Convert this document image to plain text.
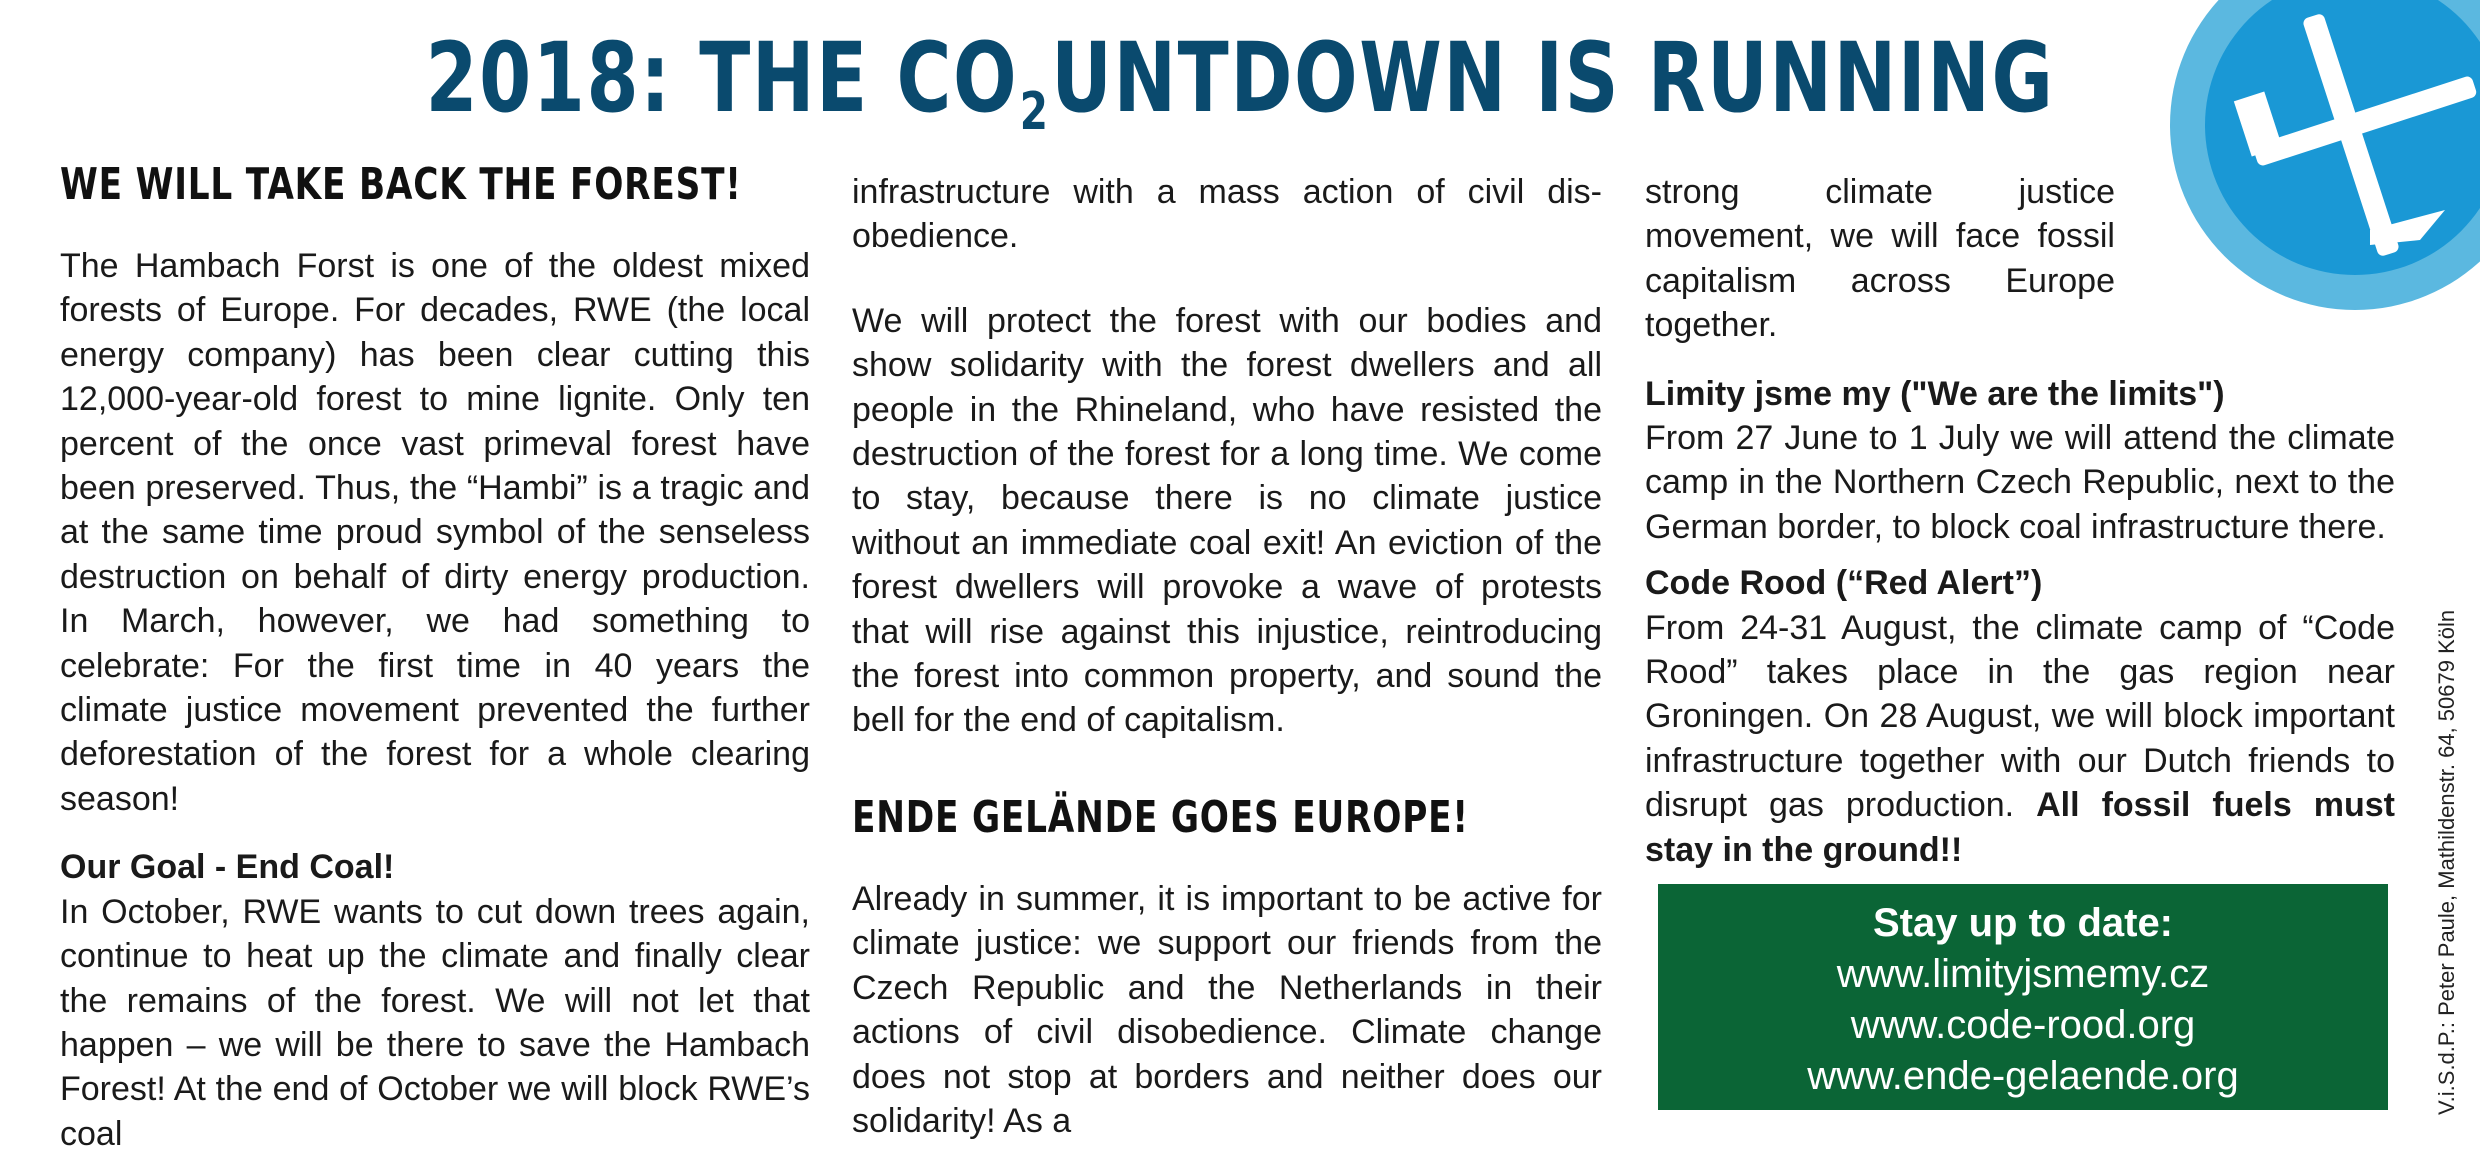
2018: THE CO2UNTDOWN IS RUNNING
WE WILL TAKE BACK THE FOREST!

The Hambach Forst is one of the oldest mixed forests of Europe. For decades, RWE (the local energy company) has been clear cutting this 12,000-year-old forest to mine lignite. Only ten percent of the once vast primeval forest have been preserved. Thus, the “Hambi” is a tragic and at the same time proud symbol of the senseless destruction on behalf of dirty energy production. In March, however, we had something to celebrate: For the first time in 40 years the climate justice movement prevented the further deforestation of the forest for a whole clearing season!

Our Goal - End Coal!

In October, RWE wants to cut down trees again, continue to heat up the climate and finally clear the remains of the forest. We will not let that happen – we will be there to save the Hambach Forest! At the end of October we will block RWE’s coal

infrastructure with a mass action of civil dis-obedience.

We will protect the forest with our bodies and show solidarity with the forest dwellers and all people in the Rhineland, who have resisted the destruction of the forest for a long time. We come to stay, because there is no climate justice without an immediate coal exit! An eviction of the forest dwellers will provoke a wave of protests that will rise against this injustice, reintroducing the forest into common property, and sound the bell for the end of capitalism.

ENDE GELÄNDE GOES EUROPE!

Already in summer, it is important to be active for climate justice: we support our friends from the Czech Republic and the Netherlands in their actions of civil disobedience. Climate change does not stop at borders and neither does our solidarity! As a

strong climate justice movement, we will face fossil capitalism across Europe together.

Limity jsme my ("We are the limits")

From 27 June to 1 July we will attend the climate camp in the Northern Czech Republic, next to the German border, to block coal infrastructure there.

Code Rood (“Red Alert”)

From 24-31 August, the climate camp of “Code Rood” takes place in the gas region near Groningen. On 28 August, we will block important infrastructure together with our Dutch friends to disrupt gas production. All fossil fuels must stay in the ground!!

Stay up to date:
www.limityjsmemy.cz
www.code-rood.org
www.ende-gelaende.org	V.i.S.d.P.: Peter Paule, Mathildenstr. 64, 50679 Köln
